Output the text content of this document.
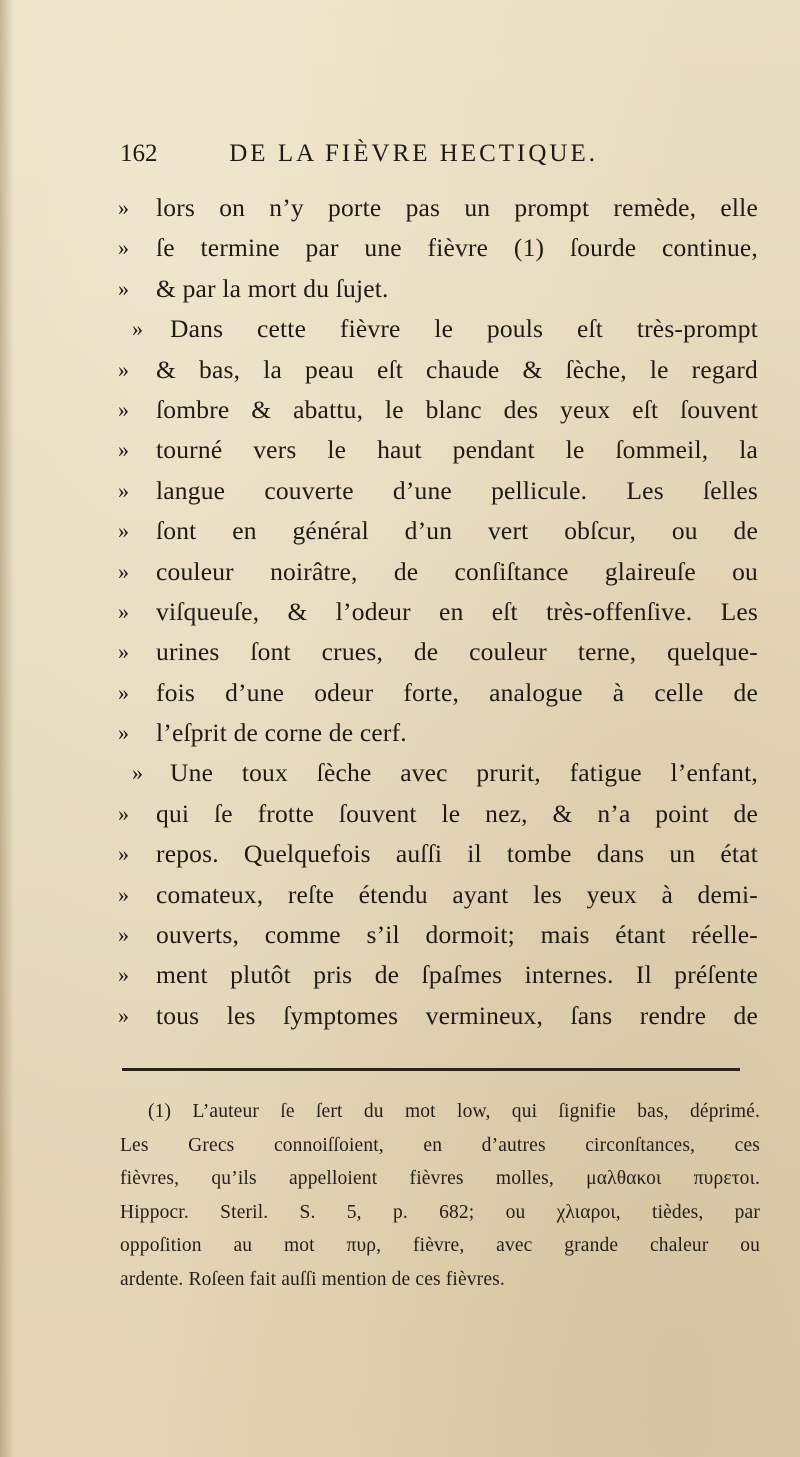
162	DE LA FIÈVRE HECTIQUE.
»	lors on n’y porte pas un prompt remède, elle
»	ſe termine par une fièvre (1) ſourde continue,
»	& par la mort du ſujet.
»	Dans cette fièvre le pouls eſt très-prompt
»	& bas, la peau eſt chaude & ſèche, le regard
»	ſombre & abattu, le blanc des yeux eſt ſouvent
»	tourné vers le haut pendant le ſommeil, la
»	langue couverte d’une pellicule. Les ſelles
»	ſont en général d’un vert obſcur, ou de
»	couleur noirâtre, de conſiſtance glaireuſe ou
»	viſqueuſe, & l’odeur en eſt très-offenſive. Les
»	urines ſont crues, de couleur terne, quelque-
»	fois d’une odeur forte, analogue à celle de
»	l’eſprit de corne de cerf.
»	Une toux ſèche avec prurit, fatigue l’enfant,
»	qui ſe frotte ſouvent le nez, & n’a point de
»	repos. Quelquefois auſſi il tombe dans un état
»	comateux, reſte étendu ayant les yeux à demi-
»	ouverts, comme s’il dormoit; mais étant réelle-
»	ment plutôt pris de ſpaſmes internes. Il préſente
»	tous les ſymptomes vermineux, ſans rendre de
(1) L’auteur ſe ſert du mot low, qui ſignifie bas, déprimé.
Les Grecs connoiſſoient, en d’autres circonſtances, ces
fièvres, qu’ils appelloient fièvres molles, μαλθακοι πυρετοι.
Hippocr. Steril. S. 5, p. 682; ou χλιαροι, tièdes, par
oppoſition au mot πυρ, fièvre, avec grande chaleur ou
ardente. Roſeen fait auſſi mention de ces fièvres.
